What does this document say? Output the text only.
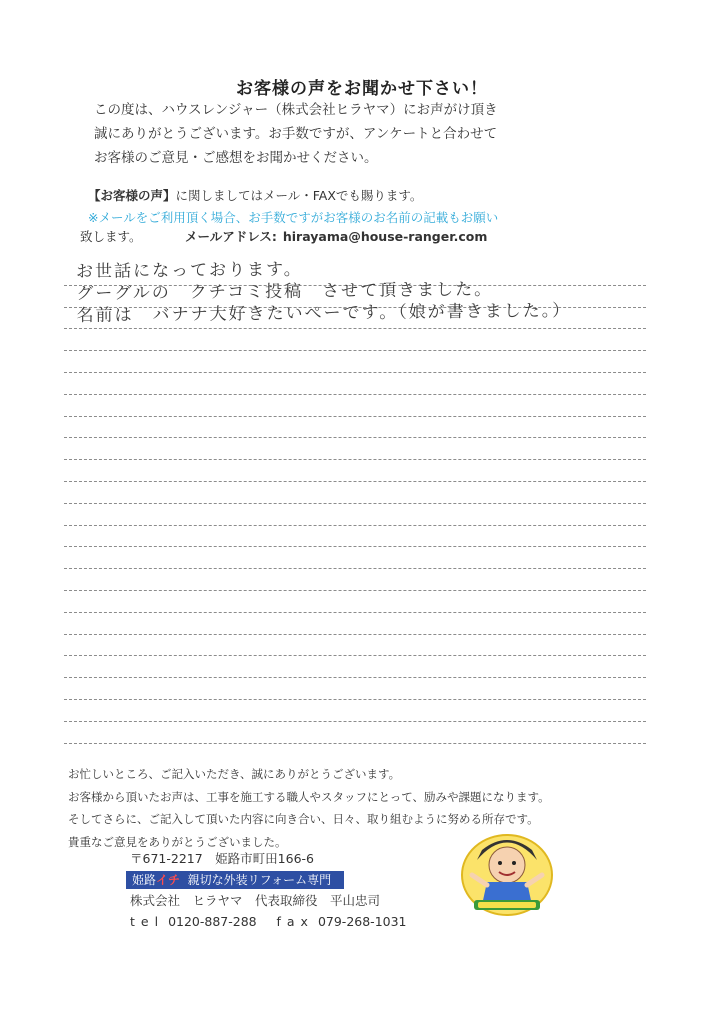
お客様の声をお聞かせ下さい！

この度は、ハウスレンジャー（株式会社ヒラヤマ）にお声がけ頂き

誠にありがとうございます。お手数ですが、アンケートと合わせて

お客様のご意見・ご感想をお聞かせください。

【お客様の声】に関しましてはメール・FAXでも賜ります。
※メールをご利用頂く場合、お手数ですがお客様のお名前の記載もお願い
致します。	メールアドレス: hirayama@house-ranger.com
お世話になっております。
グーグルの　クチコミ投稿　させて頂きました。
名前は　バナナ大好きたいぺーです。（娘が書きました。）

お忙しいところ、ご記入いただき、誠にありがとうございます。

お客様から頂いたお声は、工事を施工する職人やスタッフにとって、励みや課題になります。

そしてさらに、ご記入して頂いた内容に向き合い、日々、取り組むように努める所存です。

貴重なご意見をありがとうございました。

〒671-2217　姫路市町田166-6
姫路イチ 親切な外装リフォーム専門
株式会社　ヒラヤマ　代表取締役　平山忠司
tel 0120-887-288 fax 079-268-1031
